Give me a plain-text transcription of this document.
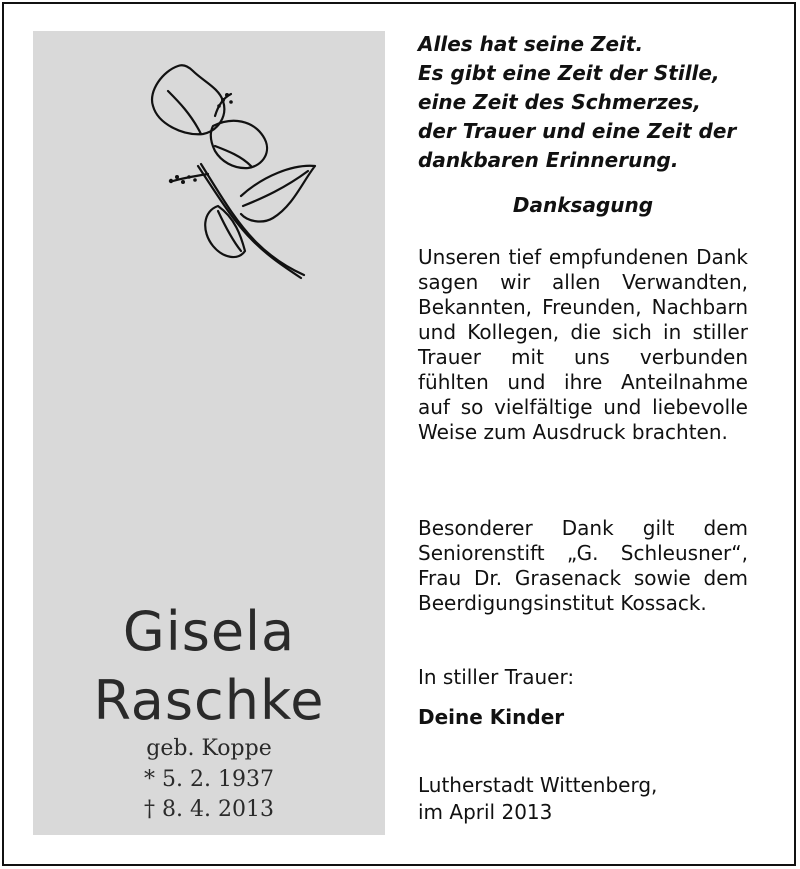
Gisela
Raschke
geb. Koppe
* 5. 2. 1937
† 8. 4. 2013
Alles hat seine Zeit.
Es gibt eine Zeit der Stille,
eine Zeit des Schmerzes,
der Trauer und eine Zeit der
dankbaren Erinnerung.
Danksagung
Unseren tief empfundenen Dank sagen wir allen Verwandten, Bekannten, Freunden, Nachbarn und Kollegen, die sich in stiller Trauer mit uns verbunden fühlten und ihre Anteilnahme auf so vielfältige und liebevolle Weise zum Ausdruck brachten.
Besonderer Dank gilt dem Seniorenstift „G. Schleusner“, Frau Dr. Grasenack sowie dem Beerdigungsinstitut Kossack.
In stiller Trauer:
Deine Kinder
Lutherstadt Wittenberg,
im April 2013
